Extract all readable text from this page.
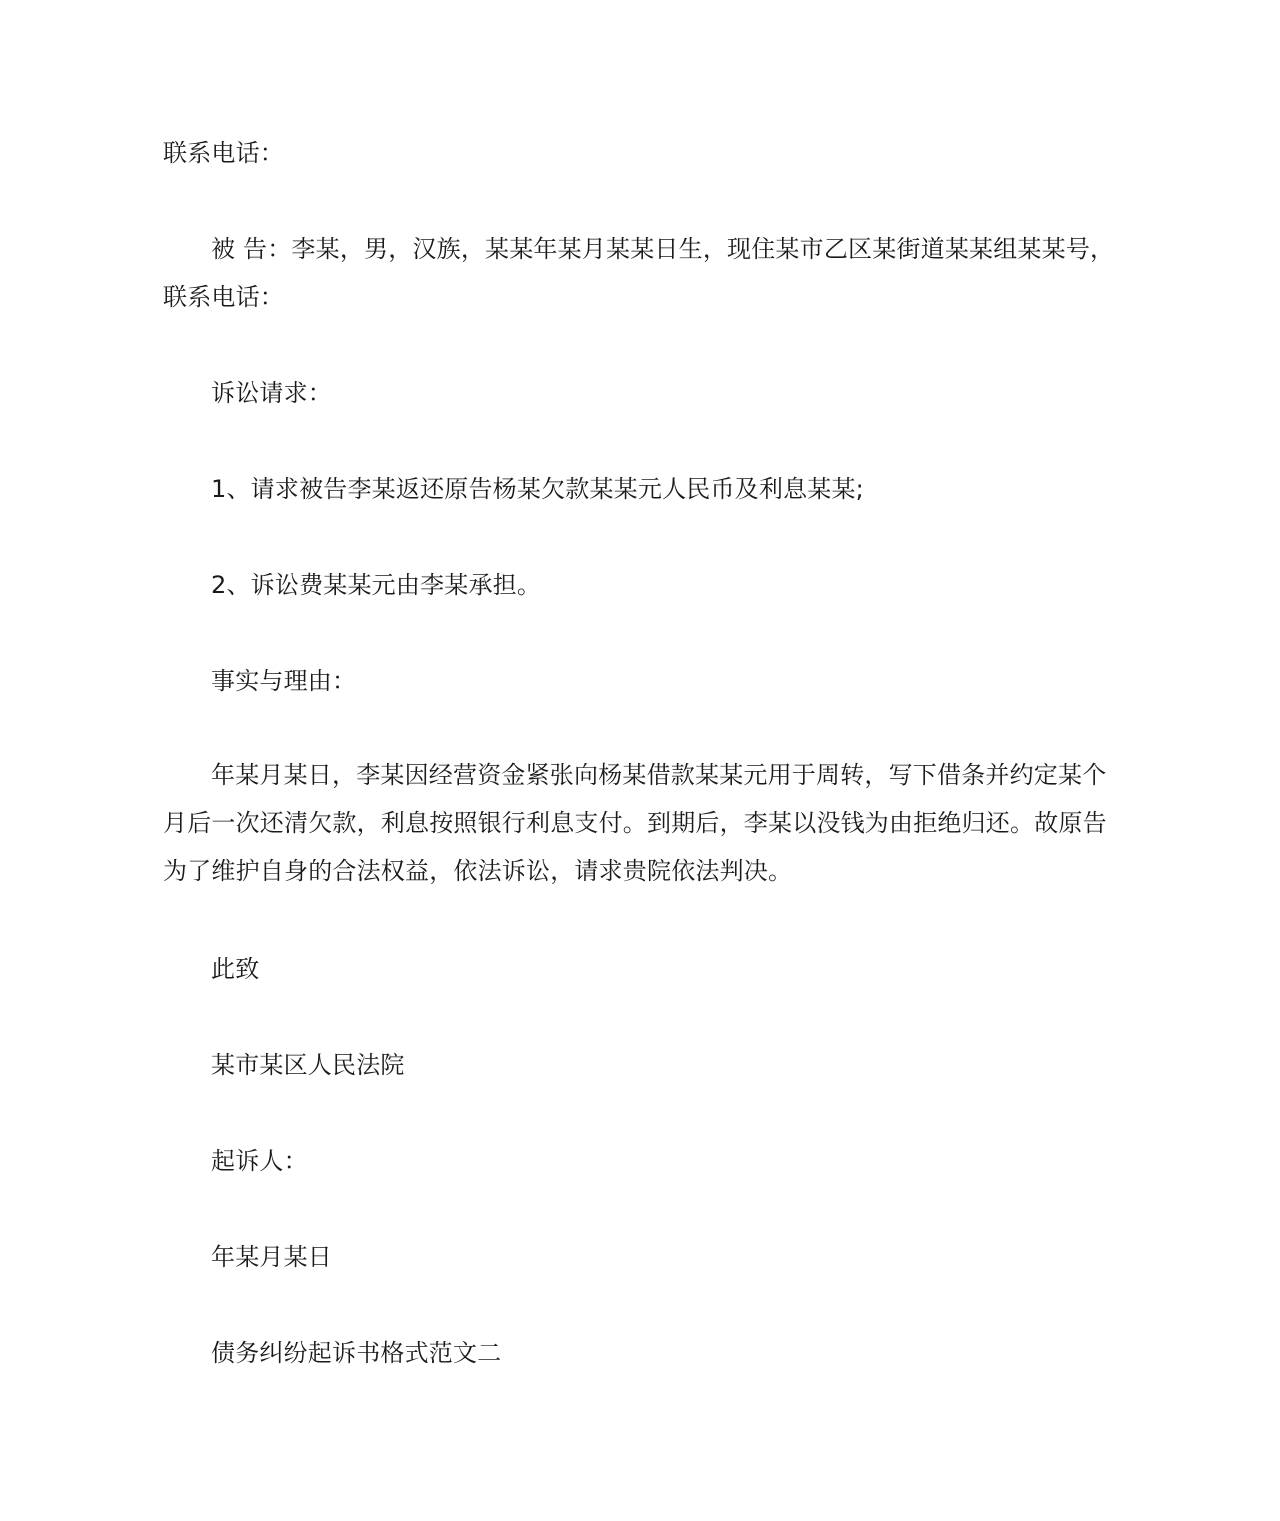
联系电话：
被 告：李某，男，汉族，某某年某月某某日生，现住某市乙区某街道某某组某某号，
联系电话：
诉讼请求：
1、请求被告李某返还原告杨某欠款某某元人民币及利息某某;
2、诉讼费某某元由李某承担。
事实与理由：
年某月某日，李某因经营资金紧张向杨某借款某某元用于周转，写下借条并约定某个月后一次还清欠款，利息按照银行利息支付。到期后，李某以没钱为由拒绝归还。故原告为了维护自身的合法权益，依法诉讼，请求贵院依法判决。
此致
某市某区人民法院
起诉人：
年某月某日
债务纠纷起诉书格式范文二
